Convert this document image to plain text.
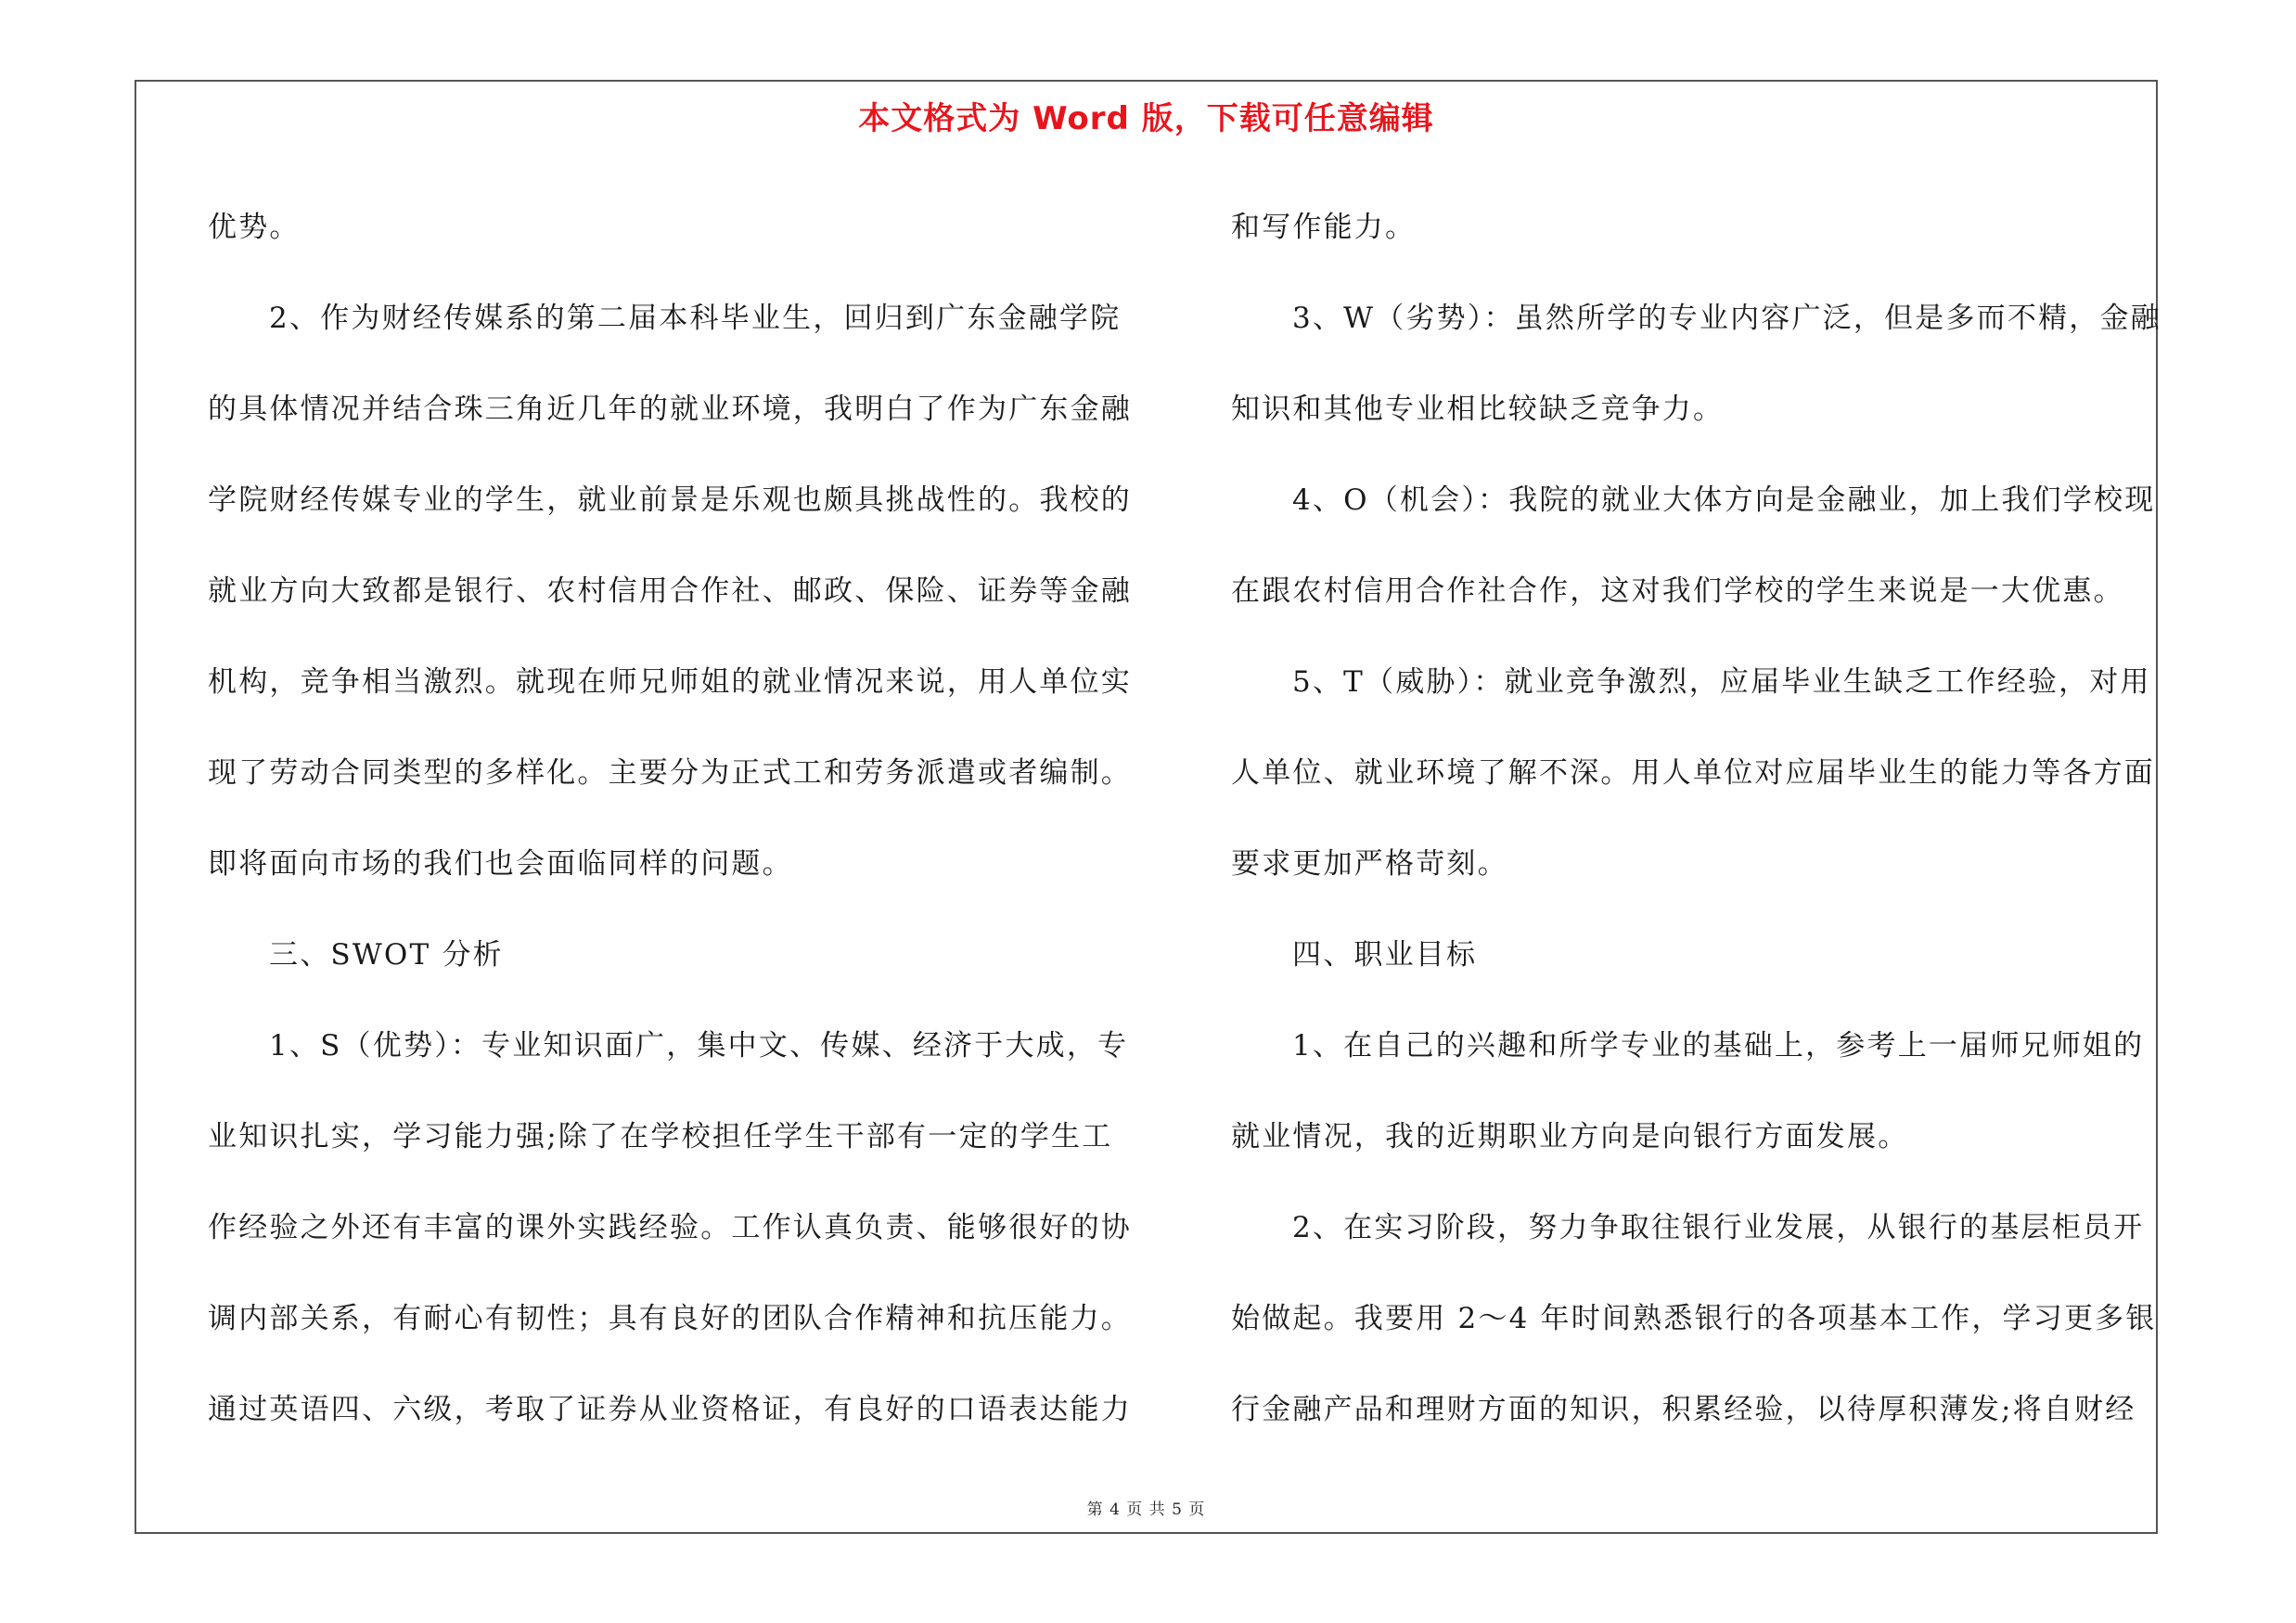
本文格式为 Word 版，下载可任意编辑
优势。
2、作为财经传媒系的第二届本科毕业生，回归到广东金融学院
的具体情况并结合珠三角近几年的就业环境，我明白了作为广东金融
学院财经传媒专业的学生，就业前景是乐观也颇具挑战性的。我校的
就业方向大致都是银行、农村信用合作社、邮政、保险、证券等金融
机构，竞争相当激烈。就现在师兄师姐的就业情况来说，用人单位实
现了劳动合同类型的多样化。主要分为正式工和劳务派遣或者编制。
即将面向市场的我们也会面临同样的问题。
三、SWOT 分析
1、S（优势）：专业知识面广，集中文、传媒、经济于大成，专
业知识扎实，学习能力强;除了在学校担任学生干部有一定的学生工
作经验之外还有丰富的课外实践经验。工作认真负责、能够很好的协
调内部关系，有耐心有韧性；具有良好的团队合作精神和抗压能力。
通过英语四、六级，考取了证券从业资格证，有良好的口语表达能力
和写作能力。
3、W（劣势）：虽然所学的专业内容广泛，但是多而不精，金融
知识和其他专业相比较缺乏竞争力。
4、O（机会）：我院的就业大体方向是金融业，加上我们学校现
在跟农村信用合作社合作，这对我们学校的学生来说是一大优惠。
5、T（威胁）：就业竞争激烈，应届毕业生缺乏工作经验，对用
人单位、就业环境了解不深。用人单位对应届毕业生的能力等各方面
要求更加严格苛刻。
四、职业目标
1、在自己的兴趣和所学专业的基础上，参考上一届师兄师姐的
就业情况，我的近期职业方向是向银行方面发展。
2、在实习阶段，努力争取往银行业发展，从银行的基层柜员开
始做起。我要用 2～4 年时间熟悉银行的各项基本工作，学习更多银
行金融产品和理财方面的知识，积累经验，以待厚积薄发;将自财经
第 4 页 共 5 页
